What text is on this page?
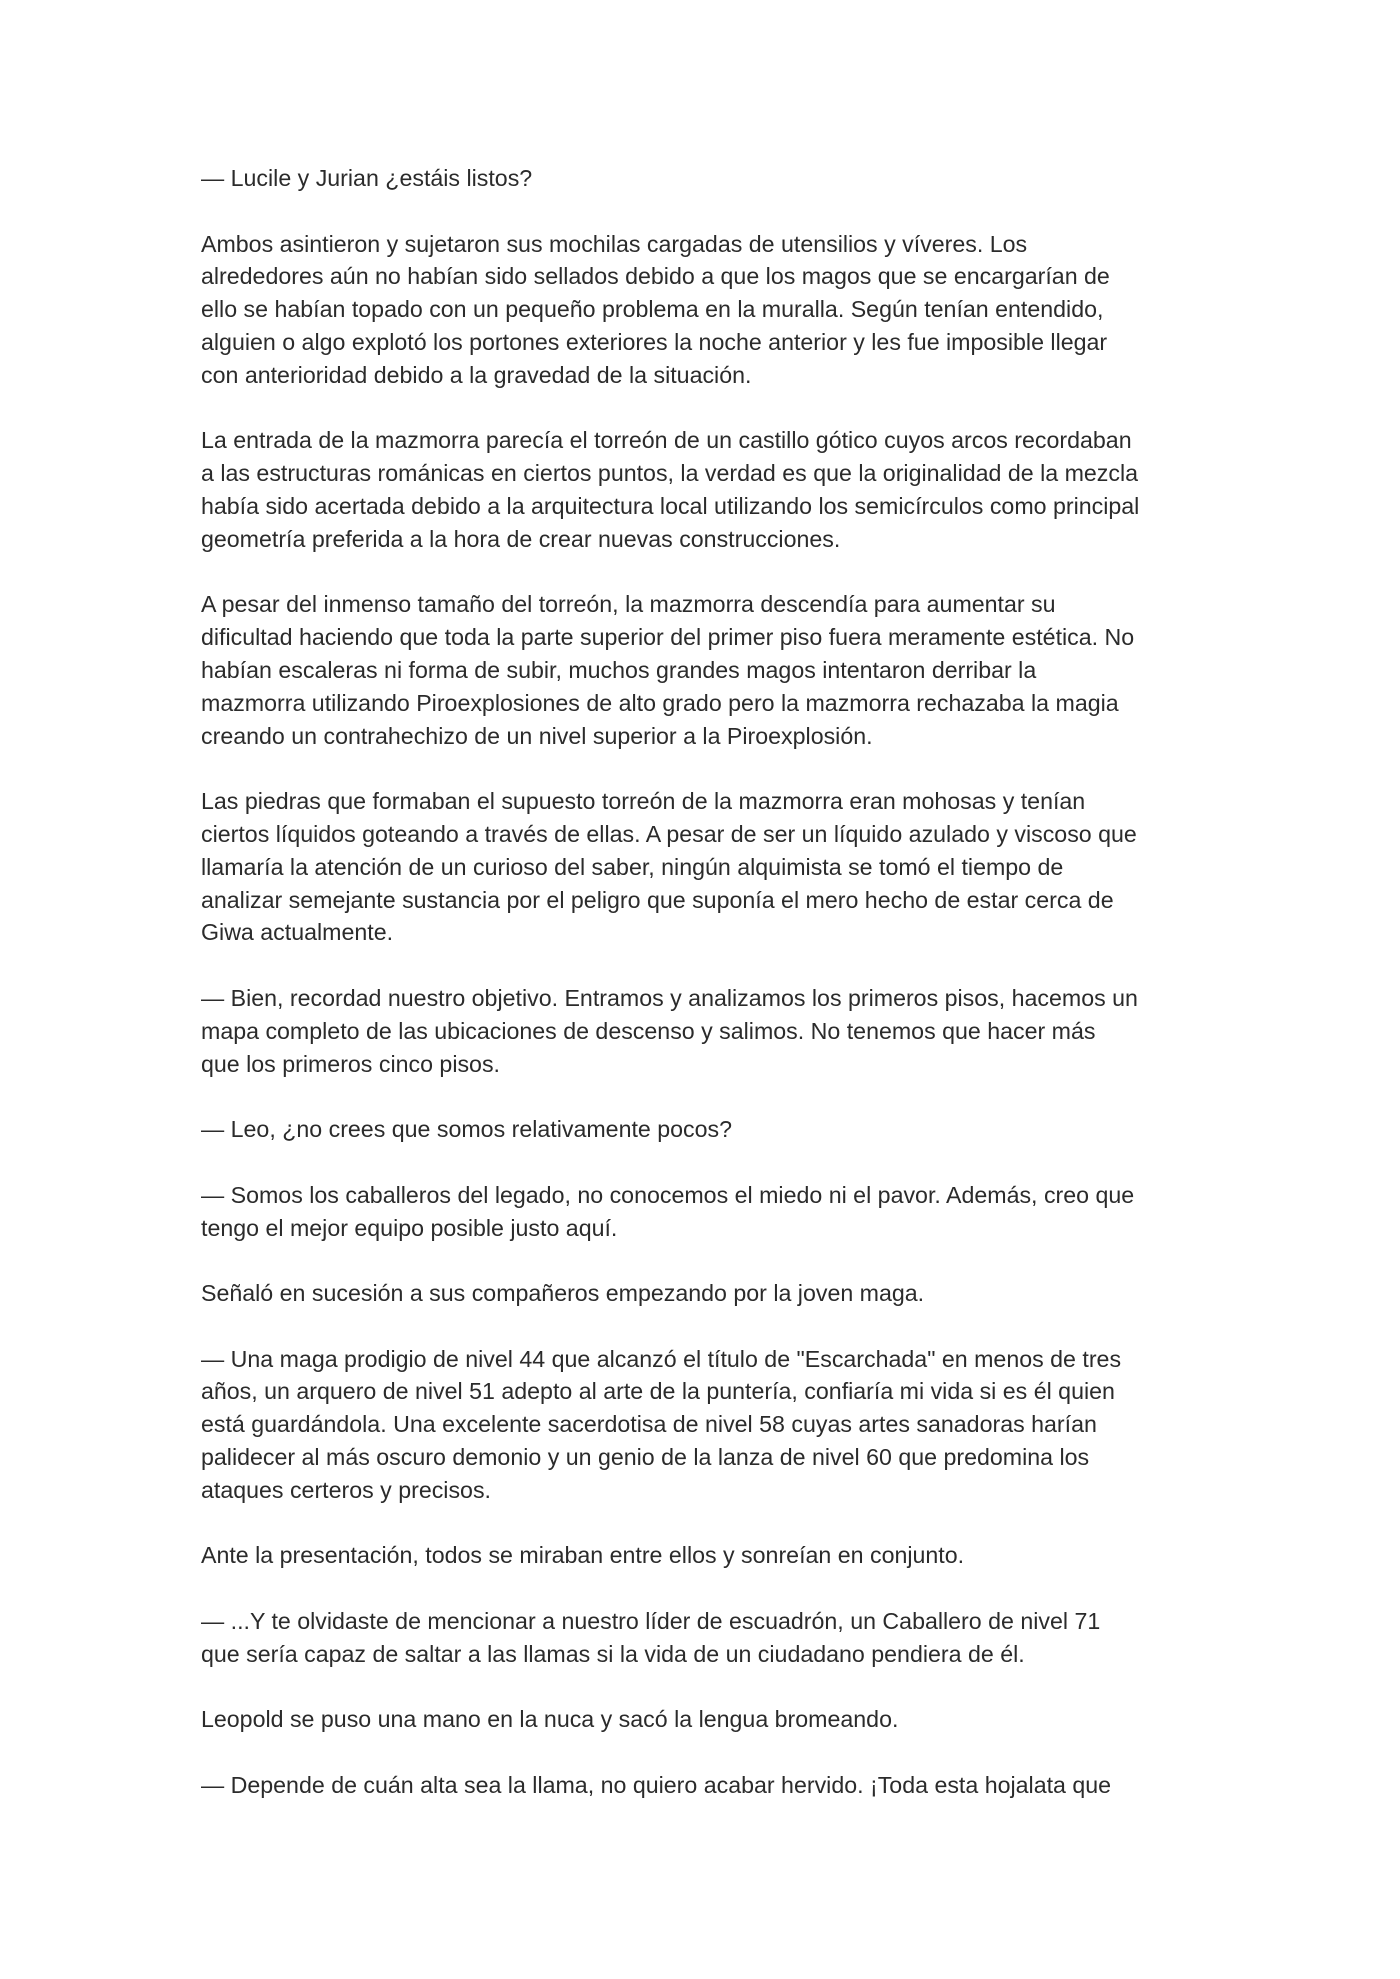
— Lucile y Jurian ¿estáis listos?

Ambos asintieron y sujetaron sus mochilas cargadas de utensilios y víveres. Los
alrededores aún no habían sido sellados debido a que los magos que se encargarían de
ello se habían topado con un pequeño problema en la muralla. Según tenían entendido,
alguien o algo explotó los portones exteriores la noche anterior y les fue imposible llegar
con anterioridad debido a la gravedad de la situación.

La entrada de la mazmorra parecía el torreón de un castillo gótico cuyos arcos recordaban
a las estructuras románicas en ciertos puntos, la verdad es que la originalidad de la mezcla
había sido acertada debido a la arquitectura local utilizando los semicírculos como principal
geometría preferida a la hora de crear nuevas construcciones.

A pesar del inmenso tamaño del torreón, la mazmorra descendía para aumentar su
dificultad haciendo que toda la parte superior del primer piso fuera meramente estética. No
habían escaleras ni forma de subir, muchos grandes magos intentaron derribar la
mazmorra utilizando Piroexplosiones de alto grado pero la mazmorra rechazaba la magia
creando un contrahechizo de un nivel superior a la Piroexplosión.

Las piedras que formaban el supuesto torreón de la mazmorra eran mohosas y tenían
ciertos líquidos goteando a través de ellas. A pesar de ser un líquido azulado y viscoso que
llamaría la atención de un curioso del saber, ningún alquimista se tomó el tiempo de
analizar semejante sustancia por el peligro que suponía el mero hecho de estar cerca de
Giwa actualmente.

— Bien, recordad nuestro objetivo. Entramos y analizamos los primeros pisos, hacemos un
mapa completo de las ubicaciones de descenso y salimos. No tenemos que hacer más
que los primeros cinco pisos.

— Leo, ¿no crees que somos relativamente pocos?

— Somos los caballeros del legado, no conocemos el miedo ni el pavor. Además, creo que
tengo el mejor equipo posible justo aquí.

Señaló en sucesión a sus compañeros empezando por la joven maga.

— Una maga prodigio de nivel 44 que alcanzó el título de "Escarchada" en menos de tres
años, un arquero de nivel 51 adepto al arte de la puntería, confiaría mi vida si es él quien
está guardándola. Una excelente sacerdotisa de nivel 58 cuyas artes sanadoras harían
palidecer al más oscuro demonio y un genio de la lanza de nivel 60 que predomina los
ataques certeros y precisos.

Ante la presentación, todos se miraban entre ellos y sonreían en conjunto.

— ...Y te olvidaste de mencionar a nuestro líder de escuadrón, un Caballero de nivel 71
que sería capaz de saltar a las llamas si la vida de un ciudadano pendiera de él.

Leopold se puso una mano en la nuca y sacó la lengua bromeando.

— Depende de cuán alta sea la llama, no quiero acabar hervido. ¡Toda esta hojalata que
